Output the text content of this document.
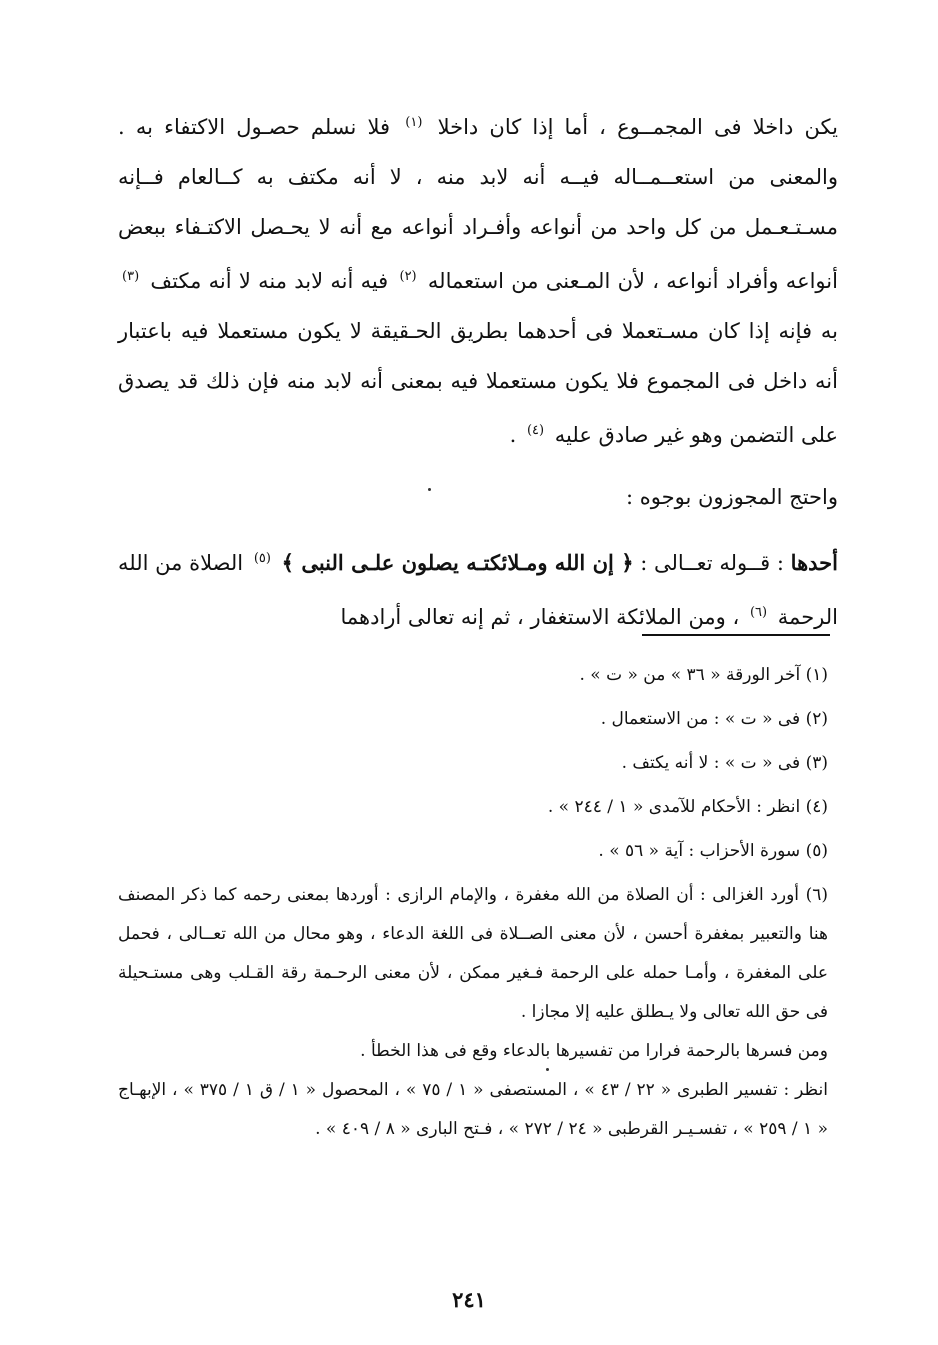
يكن داخلا فى المجمــوع ، أما إذا كان داخلا $^{(١)}$ فلا نسلم حصـول الاكتفاء به . والمعنى من استعــمــاله فيــه أنه لابد منه ، لا أنه مكتف به كــالعام فــإنه مسـتـعـمل من كل واحد من أنواعه وأفـراد أنواعه مع أنه لا يحـصل الاكتـفاء ببعض أنواعه وأفراد أنواعه ، لأن المـعنى من استعماله $^{(٢)}$ فيه أنه لابد منه لا أنه مكتف $^{(٣)}$ به فإنه إذا كان مسـتعملا فى أحدهما بطريق الحـقيقة لا يكون مستعملا فيه باعتبار أنه داخل فى المجموع فلا يكون مستعملا فيه بمعنى أنه لابد منه فإن ذلك قد يصدق على التضمن وهو غير صادق عليه $^{(٤)}$ .

واحتج المجوزون بوجوه :

أحدها : قــوله تعــالى : ﴿ إن الله ومـلائكتـه يصلون علـى النبى ﴾ $^{(٥)}$ الصلاة من الله الرحمة $^{(٦)}$ ، ومن الملائكة الاستغفار ، ثم إنه تعالى أرادهما

(١) آخر الورقة « ٣٦ » من « ت » .

(٢) فى « ت » : من الاستعمال .

(٣) فى « ت » : لا أنه يكتف .

(٤) انظر : الأحكام للآمدى « ١ / ٢٤٤ » .

(٥) سورة الأحزاب : آية « ٥٦ » .

(٦) أورد الغزالى : أن الصلاة من الله مغفرة ، والإمام الرازى : أوردها بمعنى رحمه كما ذكر المصنف هنا والتعبير بمغفرة أحسن ، لأن معنى الصــلاة فى اللغة الدعاء ، وهو محال من الله تعــالى ، فحمل على المغفرة ، وأمـا حمله على الرحمة فـغير ممكن ، لأن معنى الرحـمة رقة القـلب وهى مستـحيلة فى حق الله تعالى ولا يـطلق عليه إلا مجازا .

ومن فسرها بالرحمة فرارا من تفسيرها بالدعاء وقع فى هذا الخطأ .

انظر : تفسير الطبرى « ٢٢ / ٤٣ » ، المستصفى « ١ / ٧٥ » ، المحصول « ١ / ق ١ / ٣٧٥ » ، الإبهـاج « ١ / ٢٥٩ » ، تفسـيـر القرطبى « ٢٤ / ٢٧٢ » ، فـتح البارى « ٨ / ٤٠٩ » .

٢٤١
